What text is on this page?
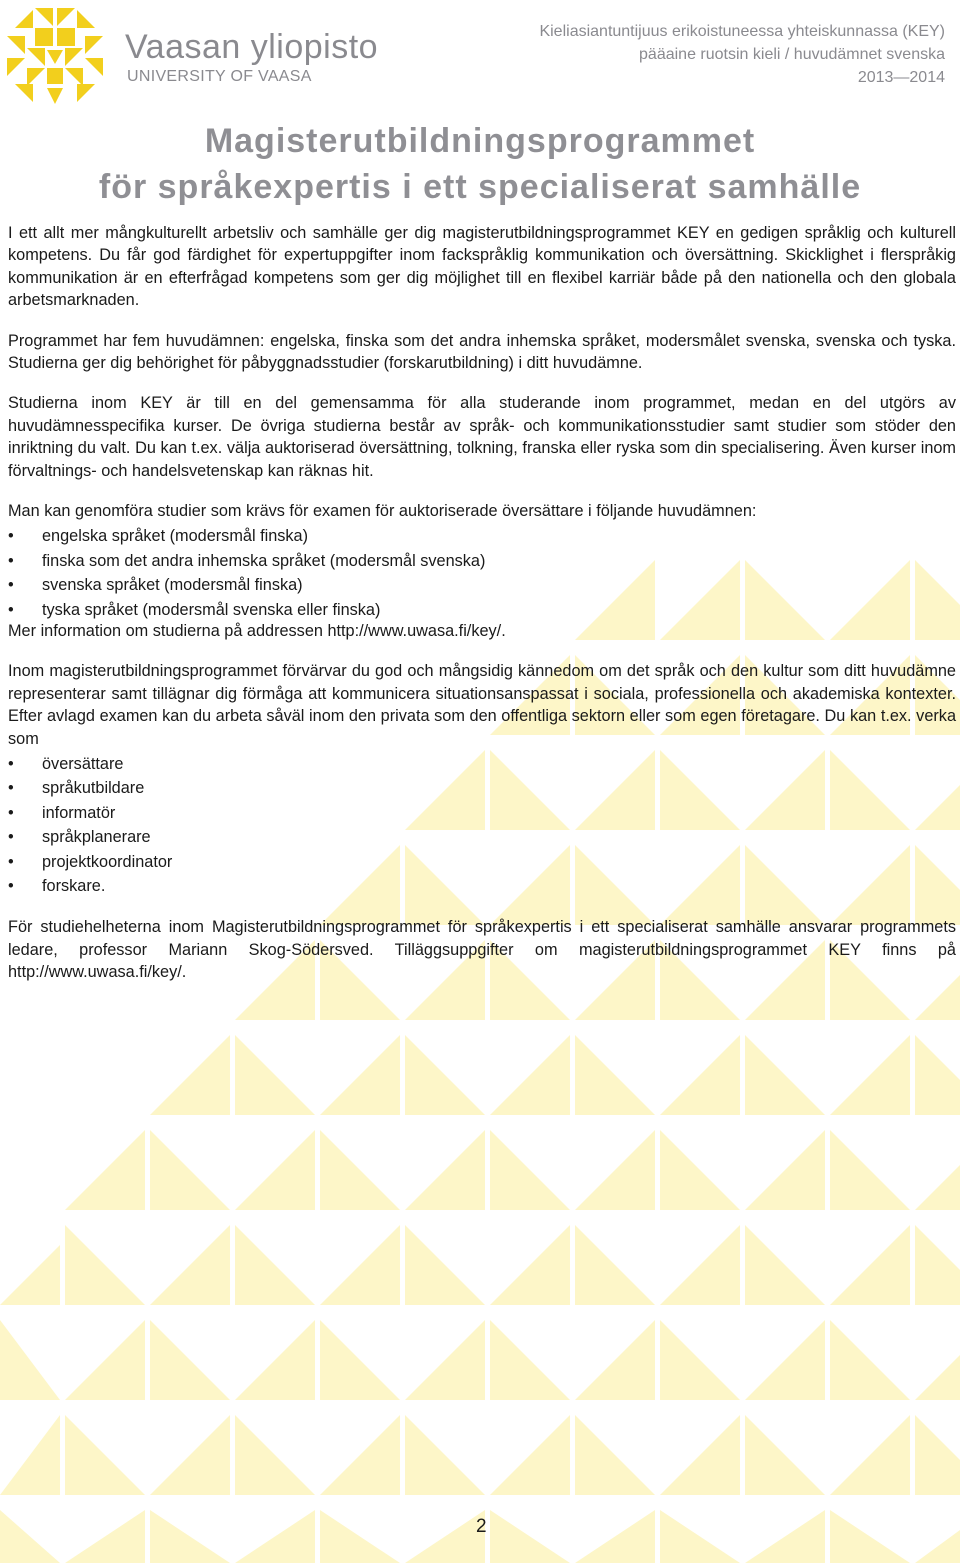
Vaasan yliopisto
UNIVERSITY OF VAASA
Kieliasiantuntijuus erikoistuneessa yhteiskunnassa (KEY)
pääaine ruotsin kieli / huvudämnet svenska
2013—2014
Magisterutbildningsprogrammet
för språkexpertis i ett specialiserat samhälle

I ett allt mer mångkulturellt arbetsliv och samhälle ger dig magisterutbildningsprogrammet KEY en gedigen språklig och kulturell kompetens. Du får god färdighet för expertuppgifter inom fackspråklig kommunikation och översättning. Skicklighet i flerspråkig kommunikation är en efterfrågad kompetens som ger dig möjlighet till en flexibel karriär både på den nationella och den globala arbetsmarknaden.

Programmet har fem huvudämnen: engelska, finska som det andra inhemska språket, modersmålet svenska, svenska och tyska. Studierna ger dig behörighet för påbyggnadsstudier (forskarutbildning) i ditt huvudämne.

Studierna inom KEY är till en del gemensamma för alla studerande inom programmet, medan en del utgörs av huvudämnesspecifika kurser. De övriga studierna består av språk- och kommunikationsstudier samt studier som stöder den inriktning du valt. Du kan t.ex. välja auktoriserad översättning, tolkning, franska eller ryska som din specialisering. Även kurser inom förvaltnings- och handelsvetenskap kan räknas hit.

Man kan genomföra studier som krävs för examen för auktoriserade översättare i följande huvudämnen:

• engelska språket (modersmål finska)
• finska som det andra inhemska språket (modersmål svenska)
• svenska språket (modersmål finska)
• tyska språket (modersmål svenska eller finska)

Mer information om studierna på addressen http://www.uwasa.fi/key/.

Inom magisterutbildningsprogrammet förvärvar du god och mångsidig kännedom om det språk och den kultur som ditt huvudämne representerar samt tillägnar dig förmåga att kommunicera situationsanspassat i sociala, professionella och akademiska kontexter. Efter avlagd examen kan du arbeta såväl inom den privata som den offentliga sektorn eller som egen företagare. Du kan t.ex. verka som

• översättare
• språkutbildare
• informatör
• språkplanerare
• projektkoordinator
• forskare.

För studiehelheterna inom Magisterutbildningsprogrammet för språkexpertis i ett specialiserat samhälle ansvarar programmets ledare, professor Mariann Skog-Södersved. Tilläggsuppgifter om magisterutbildningsprogrammet KEY finns på http://www.uwasa.fi/key/.

2
